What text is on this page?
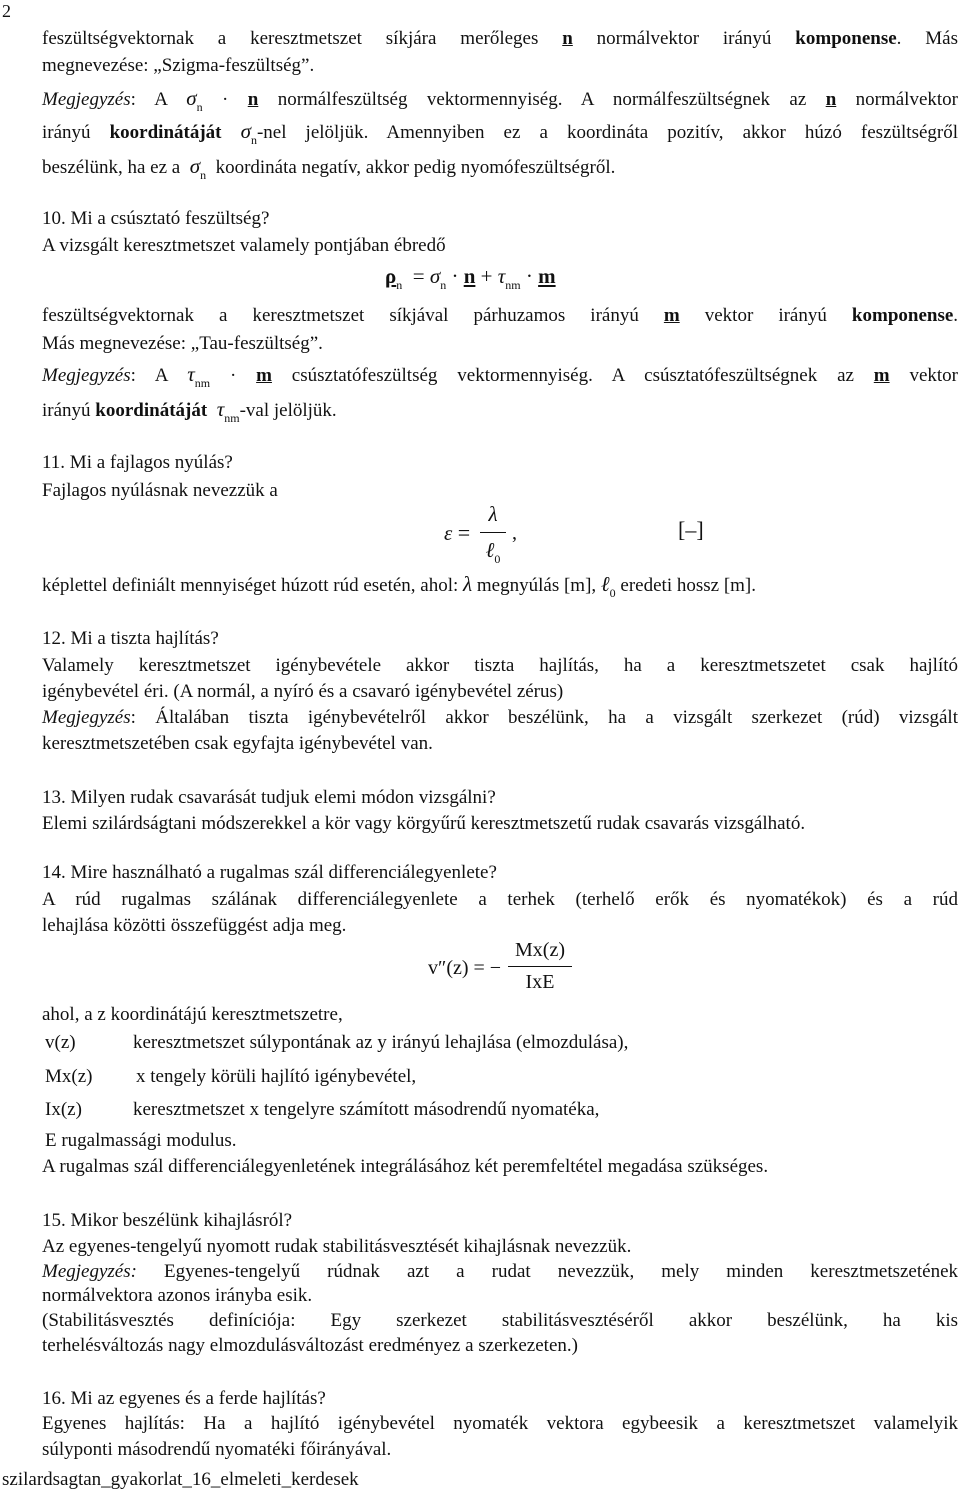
2
feszültségvektornak a keresztmetszet síkjára merőleges n normálvektor irányú komponense. Más
megnevezése: „Szigma-feszültség”.
Megjegyzés: A $\sigma_n \cdot n$ normálfeszültség vektormennyiség. A normálfeszültségnek az n normálvektor
irányú koordinátáját $\sigma_n$-nel jelöljük. Amennyiben ez a koordináta pozitív, akkor húzó feszültségről
beszélünk, ha ez a $\sigma_n$ koordináta negatív, akkor pedig nyomófeszültségről.
10. Mi a csúsztató feszültség?
A vizsgált keresztmetszet valamely pontjában ébredő
$\rho_n = \sigma_n \cdot n + \tau_{nm} \cdot m$
feszültségvektornak a keresztmetszet síkjával párhuzamos irányú m vektor irányú komponense.
Más megnevezése: „Tau-feszültség”.
Megjegyzés: A $\tau_{nm} \cdot m$ csúsztatófeszültség vektormennyiség. A csúsztatófeszültségnek az m vektor
irányú koordinátáját $\tau_{nm}$-val jelöljük.
11. Mi a fajlagos nyúlás?
Fajlagos nyúlásnak nevezzük a
ε =
λ
ℓ$_0$
,	[–]
képlettel definiált mennyiséget húzott rúd esetén, ahol: λ megnyúlás [m], ℓ$_0$ eredeti hossz [m].
12. Mi a tiszta hajlítás?
Valamely keresztmetszet igénybevétele akkor tiszta hajlítás, ha a keresztmetszetet csak hajlító
igénybevétel éri. (A normál, a nyíró és a csavaró igénybevétel zérus)
Megjegyzés: Általában tiszta igénybevételről akkor beszélünk, ha a vizsgált szerkezet (rúd) vizsgált
keresztmetszetében csak egyfajta igénybevétel van.
13. Milyen rudak csavarását tudjuk elemi módon vizsgálni?
Elemi szilárdságtani módszerekkel a kör vagy körgyűrű keresztmetszetű rudak csavarás vizsgálható.
14. Mire használható a rugalmas szál differenciálegyenlete?
A rúd rugalmas szálának differenciálegyenlete a terhek (terhelő erők és nyomatékok) és a rúd
lehajlása közötti összefüggést adja meg.
v″(z) = −
Mx(z)
IxE
ahol, a z koordinátájú keresztmetszetre,
v(z)	keresztmetszet súlypontának az y irányú lehajlása (elmozdulása),
Mx(z) x tengely körüli hajlító igénybevétel,
Ix(z)	keresztmetszet x tengelyre számított másodrendű nyomatéka,
E rugalmassági modulus.
A rugalmas szál differenciálegyenletének integrálásához két peremfeltétel megadása szükséges.
15. Mikor beszélünk kihajlásról?
Az egyenes-tengelyű nyomott rudak stabilitásvesztését kihajlásnak nevezzük.
Megjegyzés: Egyenes-tengelyű rúdnak azt a rudat nevezzük, mely minden keresztmetszetének
normálvektora azonos irányba esik.
(Stabilitásvesztés definíciója: Egy szerkezet stabilitásvesztéséről akkor beszélünk, ha kis
terhelésváltozás nagy elmozdulásváltozást eredményez a szerkezeten.)
16. Mi az egyenes és a ferde hajlítás?
Egyenes hajlítás: Ha a hajlító igénybevétel nyomaték vektora egybeesik a keresztmetszet valamelyik
súlyponti másodrendű nyomatéki főirányával.
szilardsagtan_gyakorlat_16_elmeleti_kerdesek
